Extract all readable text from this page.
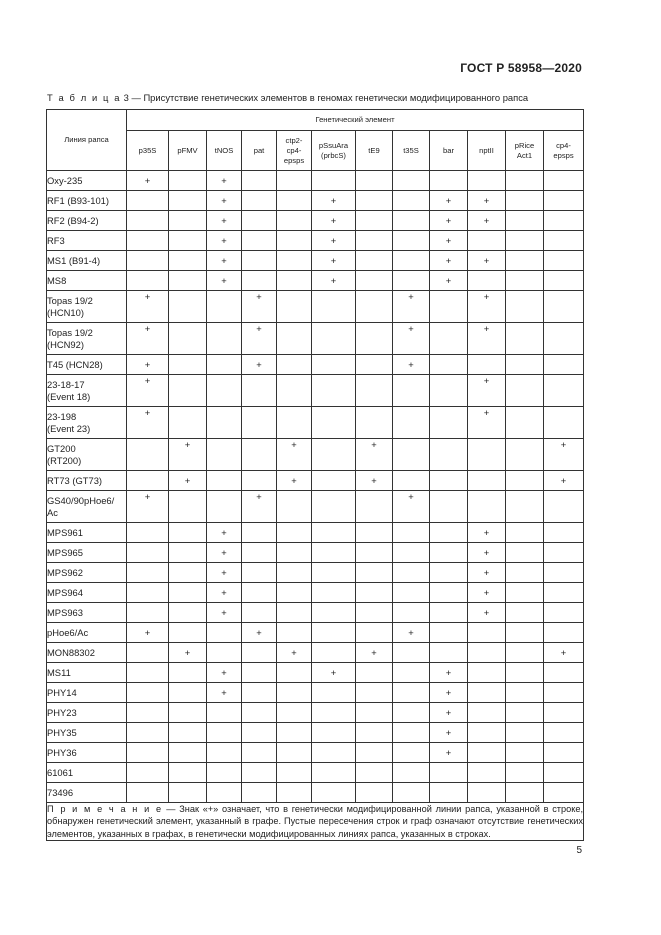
ГОСТ Р 58958—2020
Т а б л и ц а 3 — Присутствие генетических элементов в геномах генетически модифицированного рапса
Линия рапса	Генетический элемент											
	p35S	pFMV	tNOS	pat	ctp2-
cp4-
epsps	pSsuAra
(prbcS)	tE9	t35S	bar	nptII	pRice
Act1	cp4-
epsps
Oxy-235	+		+									
RF1 (B93-101)			+			+			+	+		
RF2 (B94-2)			+			+			+	+		
RF3			+			+			+			
MS1 (B91-4)			+			+			+	+		
MS8			+			+			+			
Topas 19/2
(HCN10)	+			+				+		+		
Topas 19/2
(HCN92)	+			+				+		+		
T45 (HCN28)	+			+				+				
23-18-17
(Event 18)	+									+		
23-198
(Event 23)	+									+		
GT200
(RT200)		+			+		+					+
RT73 (GT73)		+			+		+					+
GS40/90pHoe6/
Ac	+			+				+				
MPS961			+							+		
MPS965			+							+		
MPS962			+							+		
MPS964			+							+		
MPS963			+							+		
pHoe6/Ac	+			+				+				
MON88302		+			+		+					+
MS11			+			+			+			
PHY14			+						+			
PHY23									+			
PHY35									+			
PHY36									+			
61061												
73496												
П р и м е ч а н и е — Знак «+» означает, что в генетически модифицированной линии рапса, указанной в строке, обнаружен генетический элемент, указанный в графе. Пустые пересечения строк и граф означают отсутствие генетических элементов, указанных в графах, в генетически модифицированных линиях рапса, указанных в строках.												
5
